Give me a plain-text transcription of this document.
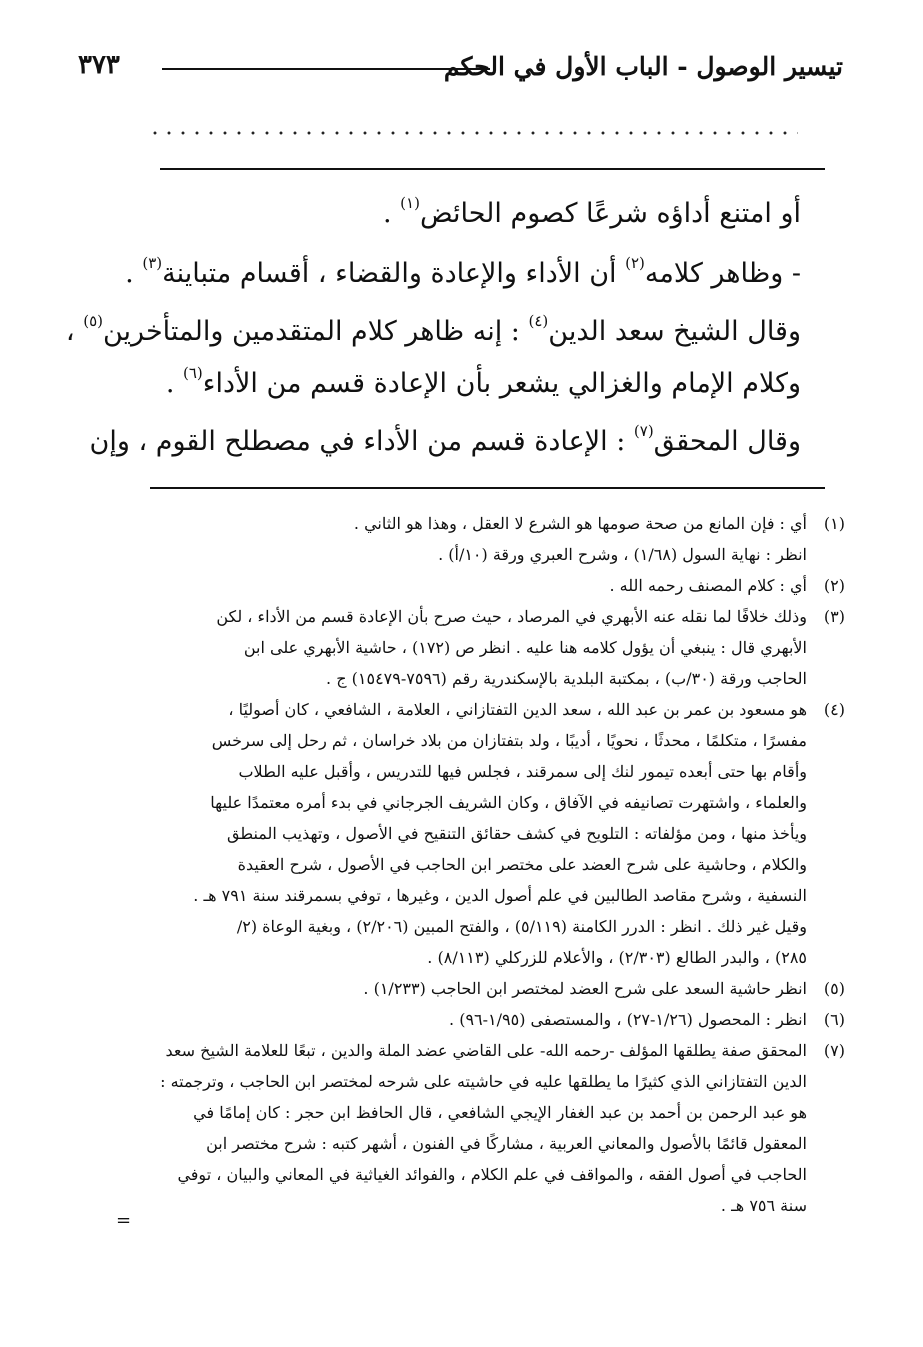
تيسير الوصول - الباب الأول في الحكم
٣٧٣
أو امتنع أداؤه شرعًا كصوم الحائض$^{(١)}$ .
- وظاهر كلامه$^{(٢)}$ أن الأداء والإعادة والقضاء ، أقسام متباينة$^{(٣)}$ .
وقال الشيخ سعد الدين$^{(٤)}$ : إنه ظاهر كلام المتقدمين والمتأخرين$^{(٥)}$ ،
وكلام الإمام والغزالي يشعر بأن الإعادة قسم من الأداء$^{(٦)}$ .
وقال المحقق$^{(٧)}$ : الإعادة قسم من الأداء في مصطلح القوم ، وإن
(١)
أي : فإن المانع من صحة صومها هو الشرع لا العقل ، وهذا هو الثاني .
انظر : نهاية السول (١/٦٨) ، وشرح العبري ورقة (١٠/أ) .
(٢)
أي : كلام المصنف رحمه الله .
(٣)
وذلك خلافًا لما نقله عنه الأبهري في المرصاد ، حيث صرح بأن الإعادة قسم من الأداء ، لكن
الأبهري قال : ينبغي أن يؤول كلامه هنا عليه . انظر ص (١٧٢) ، حاشية الأبهري على ابن
الحاجب ورقة (٣٠/ب) ، بمكتبة البلدية بالإسكندرية رقم (٧٥٩٦-١٥٤٧٩) ج .
(٤)
هو مسعود بن عمر بن عبد الله ، سعد الدين التفتازاني ، العلامة ، الشافعي ، كان أصوليًا ،
مفسرًا ، متكلمًا ، محدثًا ، نحويًا ، أديبًا ، ولد بتفتازان من بلاد خراسان ، ثم رحل إلى سرخس
وأقام بها حتى أبعده تيمور لنك إلى سمرقند ، فجلس فيها للتدريس ، وأقبل عليه الطلاب
والعلماء ، واشتهرت تصانيفه في الآفاق ، وكان الشريف الجرجاني في بدء أمره معتمدًا عليها
ويأخذ منها ، ومن مؤلفاته : التلويح في كشف حقائق التنقيح في الأصول ، وتهذيب المنطق
والكلام ، وحاشية على شرح العضد على مختصر ابن الحاجب في الأصول ، شرح العقيدة
النسفية ، وشرح مقاصد الطالبين في علم أصول الدين ، وغيرها ، توفي بسمرقند سنة ٧٩١ هـ .
وقيل غير ذلك . انظر : الدرر الكامنة (٥/١١٩) ، والفتح المبين (٢/٢٠٦) ، وبغية الوعاة (٢/
٢٨٥) ، والبدر الطالع (٢/٣٠٣) ، والأعلام للزركلي (٨/١١٣) .
(٥)
انظر حاشية السعد على شرح العضد لمختصر ابن الحاجب (١/٢٣٣) .
(٦)
انظر : المحصول (١/٢٦-٢٧) ، والمستصفى (١/٩٥-٩٦) .
(٧)
المحقق صفة يطلقها المؤلف -رحمه الله- على القاضي عضد الملة والدين ، تبعًا للعلامة الشيخ سعد
الدين التفتازاني الذي كثيرًا ما يطلقها عليه في حاشيته على شرحه لمختصر ابن الحاجب ، وترجمته :
هو عبد الرحمن بن أحمد بن عبد الغفار الإيجي الشافعي ، قال الحافظ ابن حجر : كان إمامًا في
المعقول قائمًا بالأصول والمعاني العربية ، مشاركًا في الفنون ، أشهر كتبه : شرح مختصر ابن
الحاجب في أصول الفقه ، والمواقف في علم الكلام ، والفوائد الغياثية في المعاني والبيان ، توفي
سنة ٧٥٦ هـ .
=
